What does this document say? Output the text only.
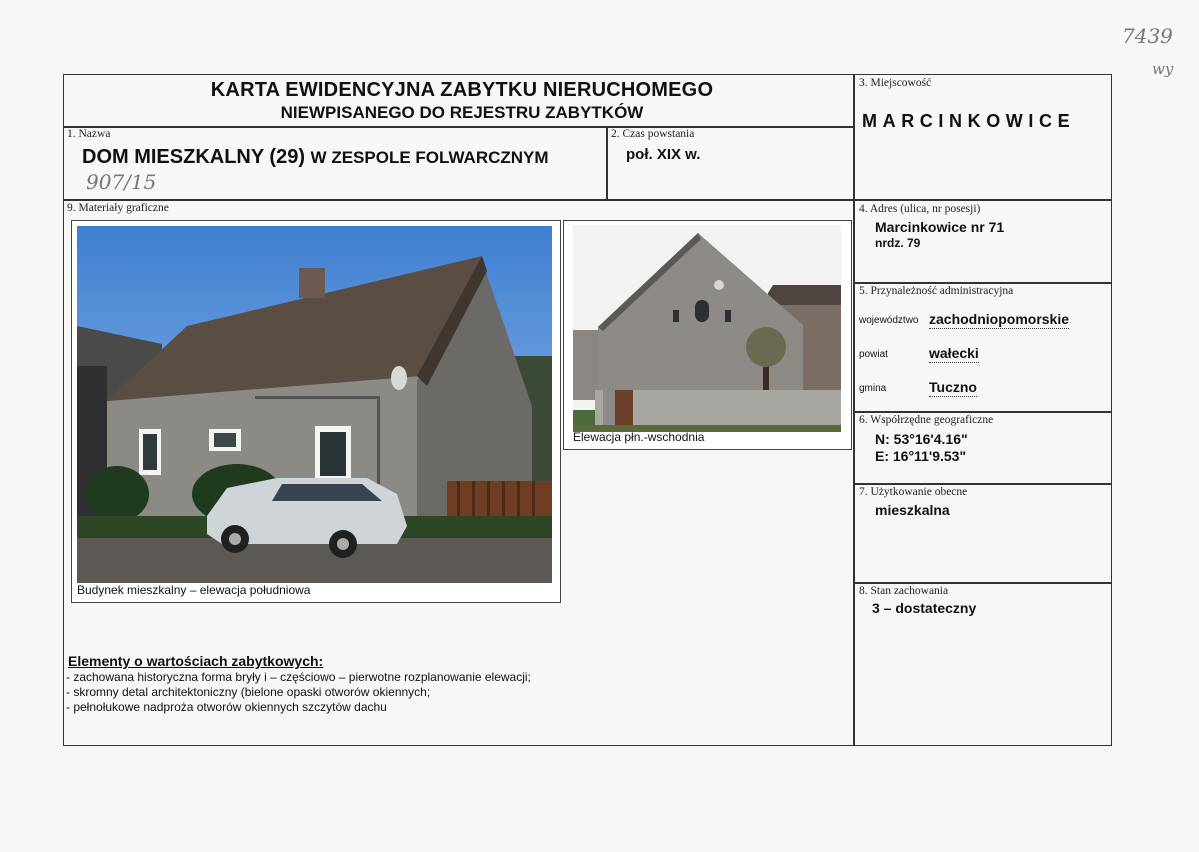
7439
wy
KARTA EWIDENCYJNA ZABYTKU NIERUCHOMEGO
NIEWPISANEGO DO REJESTRU ZABYTKÓW
1. Nazwa
DOM MIESZKALNY (29) W ZESPOLE FOLWARCZNYM
907/15
2. Czas powstania
poł. XIX w.
3. Miejscowość
MARCINKOWICE
4. Adres (ulica, nr posesji)
Marcinkowice nr 71
nrdz. 79
5. Przynależność administracyjna
województwo zachodniopomorskie
powiat	wałecki
gmina	Tuczno
6. Współrzędne geograficzne
N: 53°16'4.16"
E: 16°11'9.53"
7. Użytkowanie obecne
mieszkalna
8. Stan zachowania
3 – dostateczny
9. Materiały graficzne
Budynek mieszkalny – elewacja południowa
Elewacja płn.-wschodnia
Elementy o wartościach zabytkowych:
- zachowana historyczna forma bryły i – częściowo – pierwotne rozplanowanie elewacji;
- skromny detal architektoniczny (bielone opaski otworów okiennych;
- pełnołukowe nadproża otworów okiennych szczytów dachu
